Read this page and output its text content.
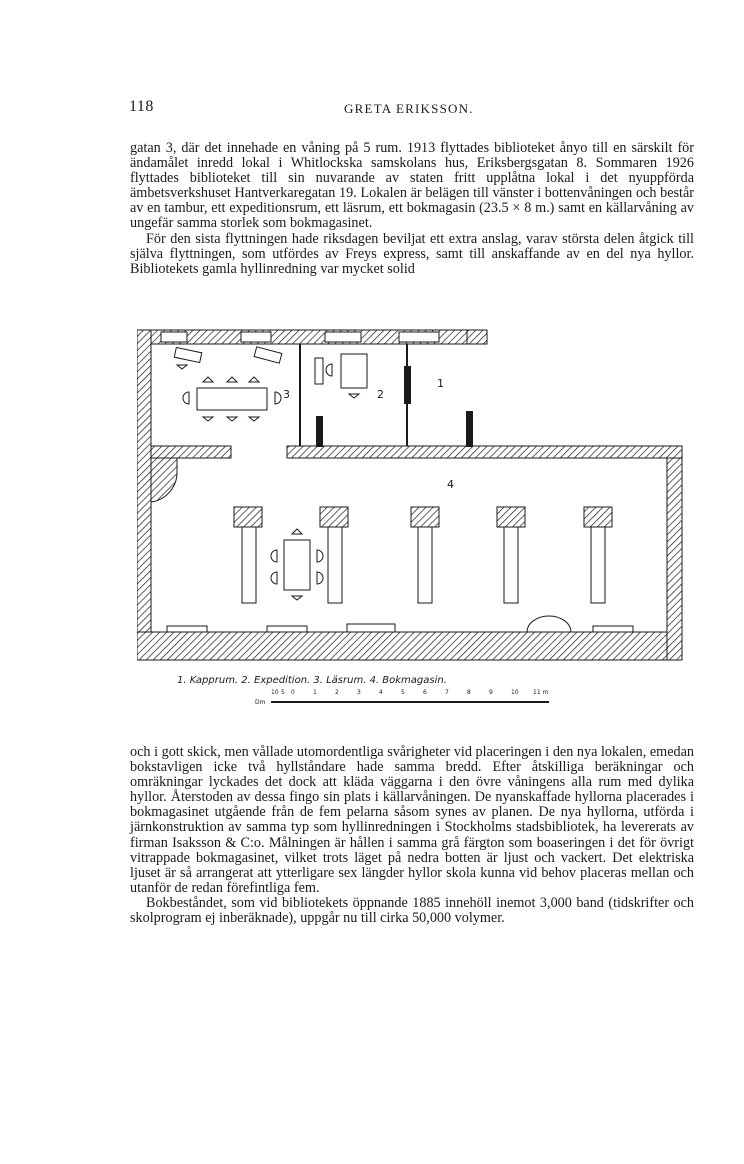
118	GRETA ERIKSSON.

gatan 3, där det innehade en våning på 5 rum. 1913 flyttades biblioteket ånyo till en särskilt för ändamålet inredd lokal i Whitlockska samskolans hus, Eriksbergsgatan 8. Sommaren 1926 flyttades biblioteket till sin nuvarande av staten fritt upplåtna lokal i det nyuppförda ämbetsverkshuset Hantverkaregatan 19. Lokalen är belägen till vänster i bottenvåningen och består av en tambur, ett expeditionsrum, ett läsrum, ett bokmagasin (23.5 × 8 m.) samt en källarvåning av ungefär samma storlek som bokmagasinet.

För den sista flyttningen hade riksdagen beviljat ett extra anslag, varav största delen åtgick till själva flyttningen, som utfördes av Freys express, samt till anskaffande av en del nya hyllor. Bibliotekets gamla hyllinredning var mycket solid

1
2
3
4
1. Kapprum. 2. Expedition. 3. Läsrum. 4. Bokmagasin.
Dm
10 5 0	1	2	3	4	5	6	7	8	9	10 11 m

och i gott skick, men vållade utomordentliga svårigheter vid placeringen i den nya lokalen, emedan bokstavligen icke två hyllståndare hade samma bredd. Efter åtskilliga beräkningar och omräkningar lyckades det dock att kläda väggarna i den övre våningens alla rum med dylika hyllor. Återstoden av dessa fingo sin plats i källarvåningen. De nyanskaffade hyllorna placerades i bokmagasinet utgående från de fem pelarna såsom synes av planen. De nya hyllorna, utförda i järnkonstruktion av samma typ som hyllinredningen i Stockholms stadsbibliotek, ha levererats av firman Isaksson & C:o. Målningen är hållen i samma grå färgton som boaseringen i det för övrigt vitrappade bokmagasinet, vilket trots läget på nedra botten är ljust och vackert. Det elektriska ljuset är så arrangerat att ytterligare sex längder hyllor skola kunna vid behov placeras mellan och utanför de redan förefintliga fem.

Bokbeståndet, som vid bibliotekets öppnande 1885 innehöll inemot 3,000 band (tidskrifter och skolprogram ej inberäknade), uppgår nu till cirka 50,000 volymer.
